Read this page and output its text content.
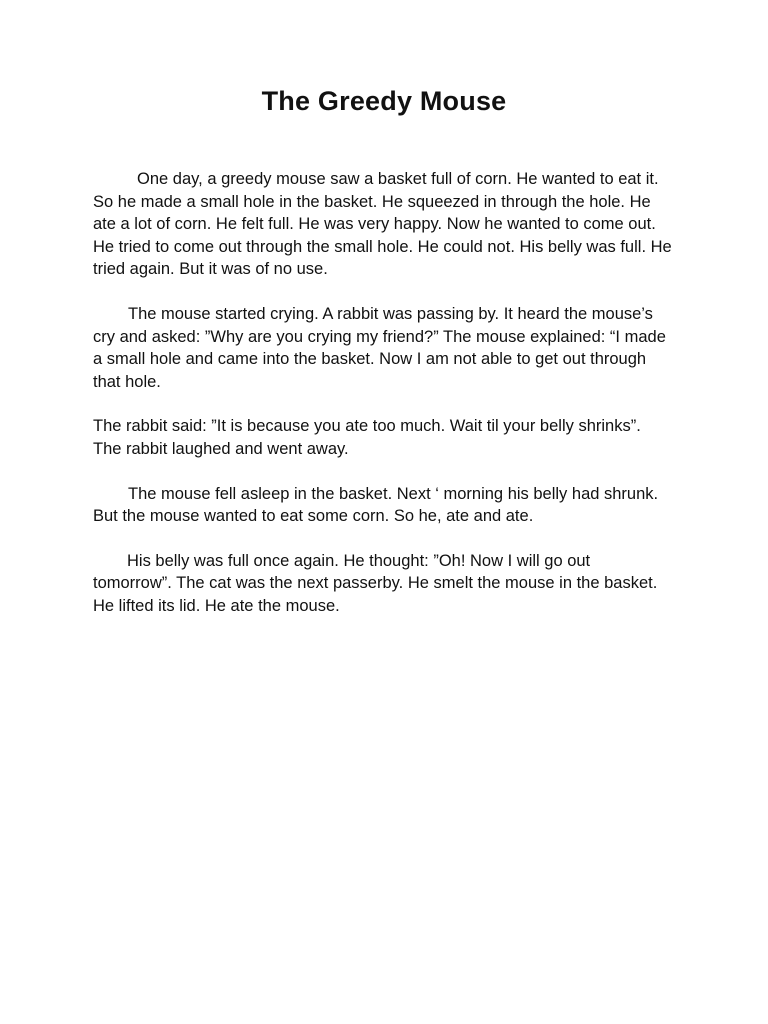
The Greedy Mouse

One day, a greedy mouse saw a basket full of corn. He wanted to eat it. So he made a small hole in the basket. He squeezed in through the hole. He ate a lot of corn. He felt full. He was very happy. Now he wanted to come out. He tried to come out through the small hole. He could not. His belly was full. He tried again. But it was of no use.

The mouse started crying. A rabbit was passing by. It heard the mouse’s cry and asked: ”Why are you crying my friend?” The mouse explained: “I made a small hole and came into the basket. Now I am not able to get out through that hole.

The rabbit said: ”It is because you ate too much. Wait til your belly shrinks”. The rabbit laughed and went away.

The mouse fell asleep in the basket. Next ‘ morning his belly had shrunk. But the mouse wanted to eat some corn. So he, ate and ate.

His belly was full once again. He thought: ”Oh! Now I will go out tomorrow”. The cat was the next passerby. He smelt the mouse in the basket. He lifted its lid. He ate the mouse.
